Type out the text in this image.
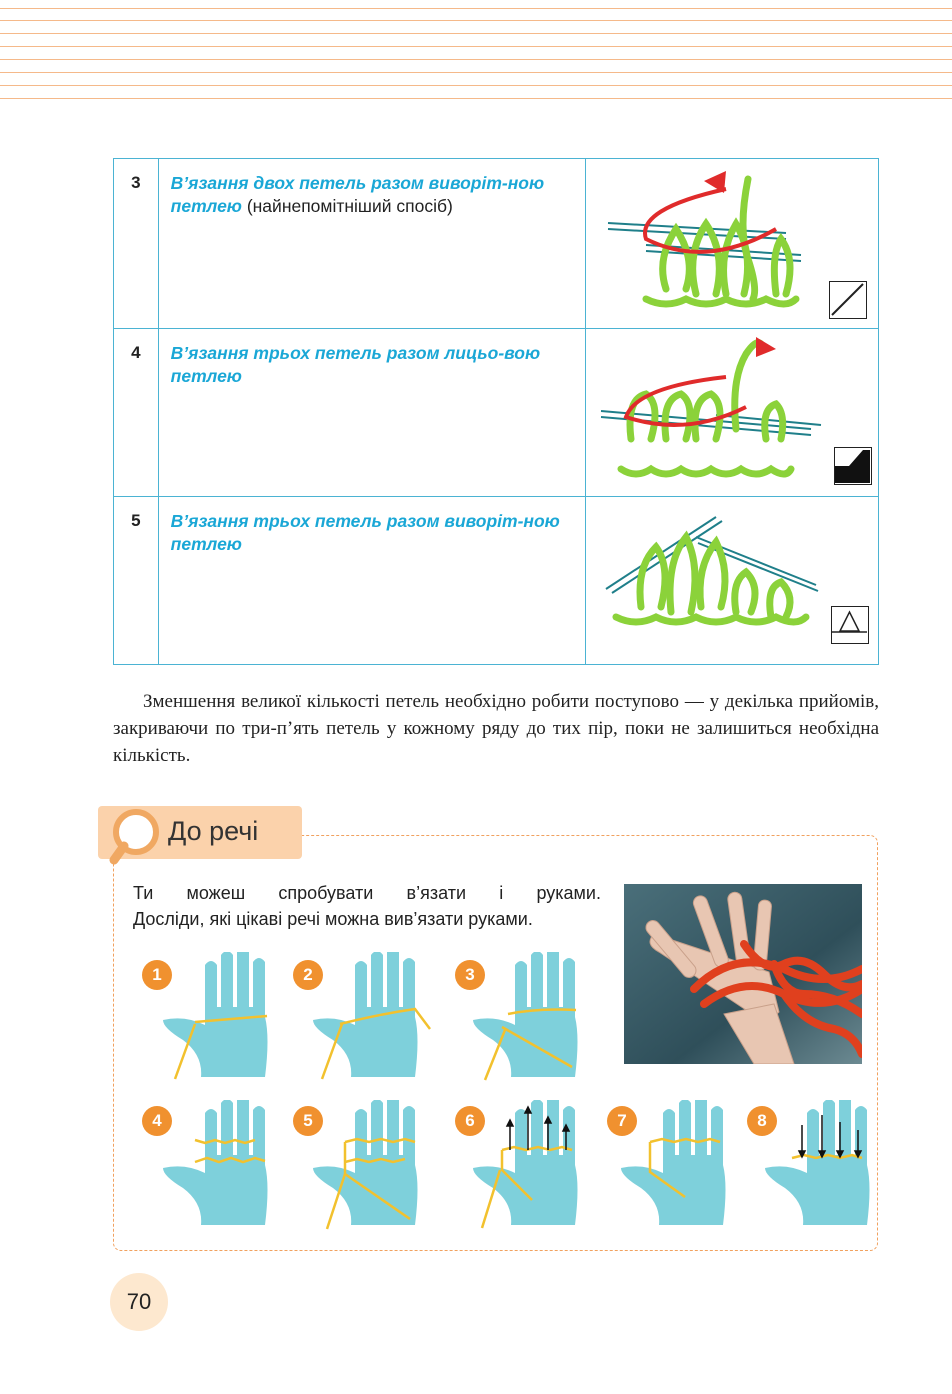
3	В’язання двох петель разом виворіт-ною петлею (найнепомітніший спосіб)	

4	В’язання трьох петель разом лицьо-вою петлею	

5	В’язання трьох петель разом виворіт-ною петлею	
Зменшення великої кількості петель необхідно робити поступово — у декілька прийомів, закриваючи по три-п’ять петель у кожному ряду до тих пір, поки не залишиться необхідна кількість.
До речі
Ти можеш спробувати в’язати і руками.
Досліди, які цікаві речі можна вив’язати руками.
1	2	3
4	5	6	7	8
70
